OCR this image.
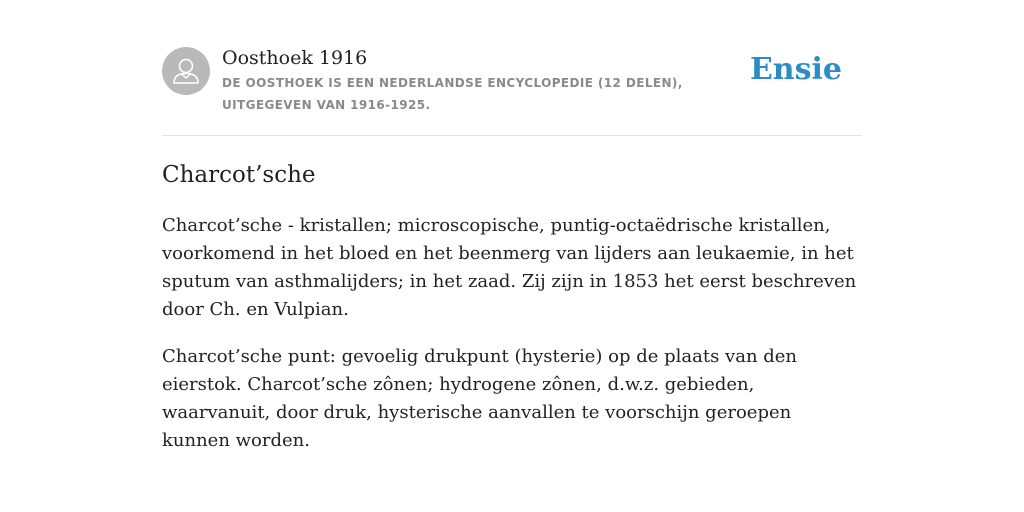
Oosthoek 1916
DE OOSTHOEK IS EEN NEDERLANDSE ENCYCLOPEDIE (12 DELEN), UITGEGEVEN VAN 1916-1925.
Ensie
Charcot’sche

Charcot’sche - kristallen; microscopische, puntig-octaëdrische kristallen, voorkomend in het bloed en het beenmerg van lijders aan leukaemie, in het sputum van asthmalijders; in het zaad. Zij zijn in 1853 het eerst beschreven door Ch. en Vulpian.

Charcot’sche punt: gevoelig drukpunt (hysterie) op de plaats van den eierstok. Charcot’sche zônen; hydrogene zônen, d.w.z. gebieden, waarvanuit, door druk, hysterische aanvallen te voorschijn geroepen kunnen worden.
